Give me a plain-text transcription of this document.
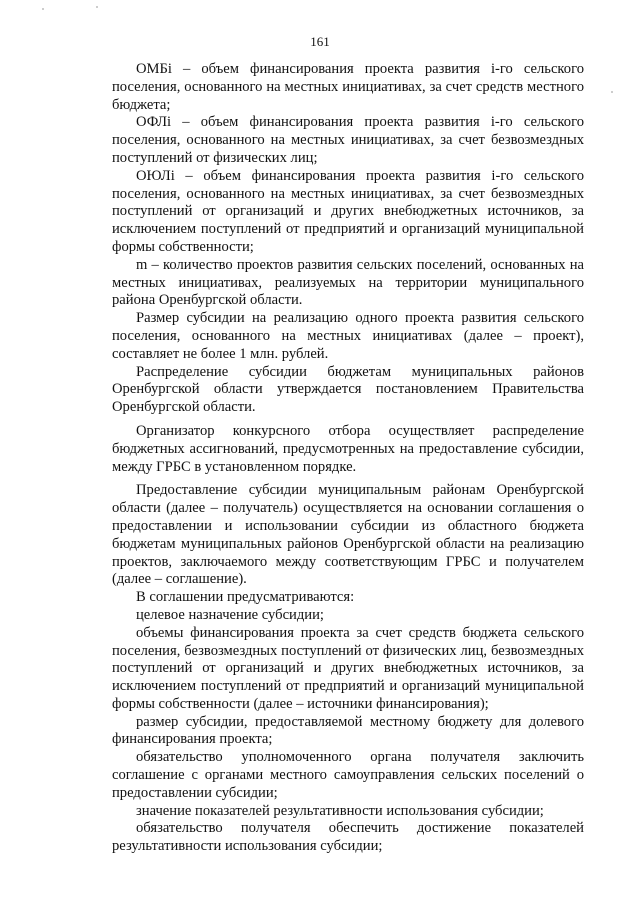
161

ОМБi – объем финансирования проекта развития i-го сельского поселения, основанного на местных инициативах, за счет средств местного бюджета;

ОФЛi – объем финансирования проекта развития i-го сельского поселения, основанного на местных инициативах, за счет безвозмездных поступлений от физических лиц;

ОЮЛi – объем финансирования проекта развития i-го сельского поселения, основанного на местных инициативах, за счет безвозмездных поступлений от организаций и других внебюджетных источников, за исключением поступлений от предприятий и организаций муниципальной формы собственности;

m – количество проектов развития сельских поселений, основанных на местных инициативах, реализуемых на территории муниципального района Оренбургской области.

Размер субсидии на реализацию одного проекта развития сельского поселения, основанного на местных инициативах (далее – проект), составляет не более 1 млн. рублей.

Распределение субсидии бюджетам муниципальных районов Оренбургской области утверждается постановлением Правительства Оренбургской области.

Организатор конкурсного отбора осуществляет распределение бюджетных ассигнований, предусмотренных на предоставление субсидии, между ГРБС в установленном порядке.

Предоставление субсидии муниципальным районам Оренбургской области (далее – получатель) осуществляется на основании соглашения о предоставлении и использовании субсидии из областного бюджета бюджетам муниципальных районов Оренбургской области на реализацию проектов, заключаемого между соответствующим ГРБС и получателем (далее – соглашение).

В соглашении предусматриваются:

целевое назначение субсидии;

объемы финансирования проекта за счет средств бюджета сельского поселения, безвозмездных поступлений от физических лиц, безвозмездных поступлений от организаций и других внебюджетных источников, за исключением поступлений от предприятий и организаций муниципальной формы собственности (далее – источники финансирования);

размер субсидии, предоставляемой местному бюджету для долевого финансирования проекта;

обязательство уполномоченного органа получателя заключить соглашение с органами местного самоуправления сельских поселений о предоставлении субсидии;

значение показателей результативности использования субсидии;

обязательство получателя обеспечить достижение показателей результативности использования субсидии;
